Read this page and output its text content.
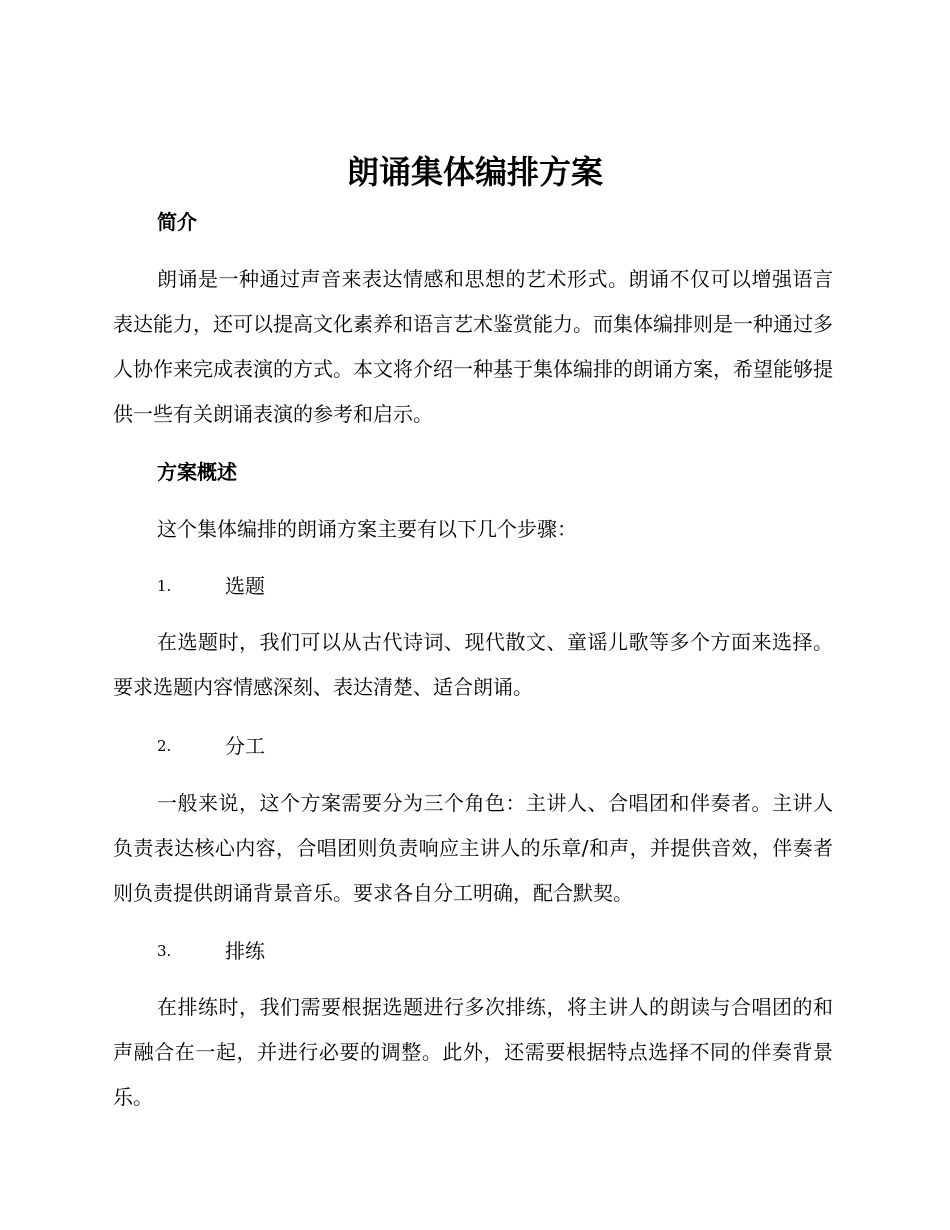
朗诵集体编排方案
简介

朗诵是一种通过声音来表达情感和思想的艺术形式。朗诵不仅可以增强语言表达能力，还可以提高文化素养和语言艺术鉴赏能力。而集体编排则是一种通过多人协作来完成表演的方式。本文将介绍一种基于集体编排的朗诵方案，希望能够提供一些有关朗诵表演的参考和启示。

方案概述
这个集体编排的朗诵方案主要有以下几个步骤：
1.	选题

在选题时，我们可以从古代诗词、现代散文、童谣儿歌等多个方面来选择。要求选题内容情感深刻、表达清楚、适合朗诵。

2.	分工

一般来说，这个方案需要分为三个角色：主讲人、合唱团和伴奏者。主讲人负责表达核心内容，合唱团则负责响应主讲人的乐章/和声，并提供音效，伴奏者则负责提供朗诵背景音乐。要求各自分工明确，配合默契。

3.	排练

在排练时，我们需要根据选题进行多次排练，将主讲人的朗读与合唱团的和声融合在一起，并进行必要的调整。此外，还需要根据特点选择不同的伴奏背景乐。
